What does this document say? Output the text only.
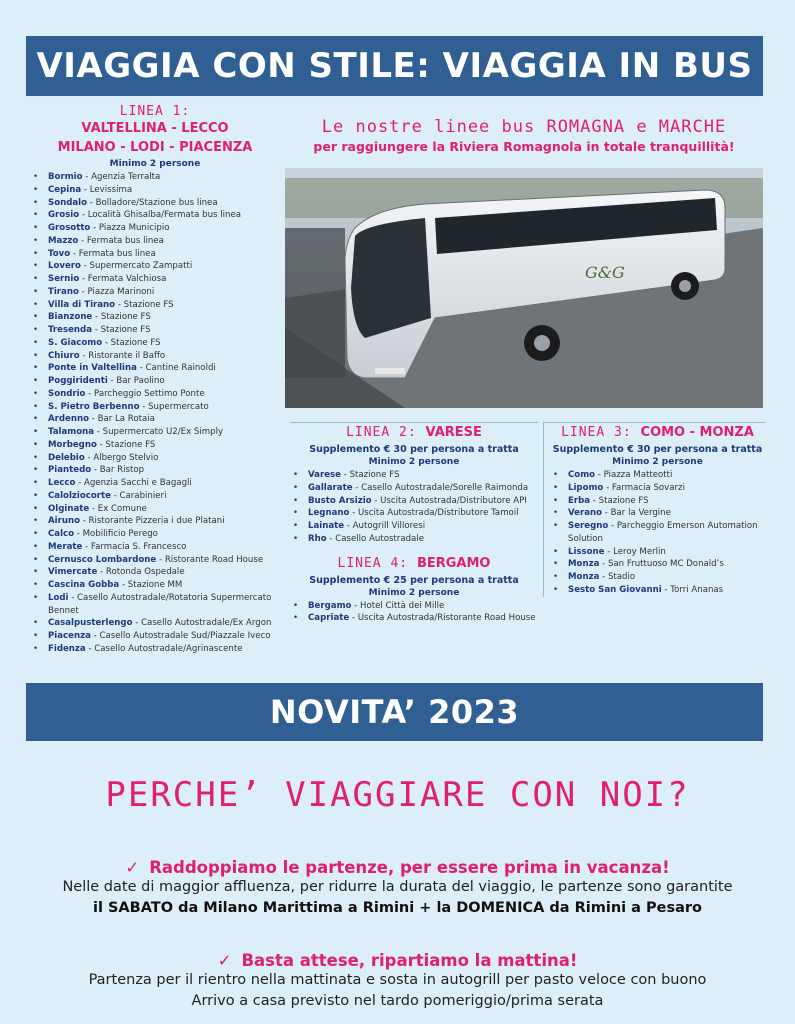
VIAGGIA CON STILE: VIAGGIA IN BUS
LINEA 1:
VALTELLINA - LECCO
MILANO - LODI - PIACENZA
Minimo 2 persone
• Bormio - Agenzia Terralta
• Cepina - Levissima
• Sondalo - Bolladore/Stazione bus linea
• Grosio - Località Ghisalba/Fermata bus linea
• Grosotto - Piazza Municipio
• Mazzo - Fermata bus linea
• Tovo - Fermata bus linea
• Lovero - Supermercato Zampatti
• Sernio - Fermata Valchiosa
• Tirano - Piazza Marinoni
• Villa di Tirano - Stazione FS
• Bianzone - Stazione FS
• Tresenda - Stazione FS
• S. Giacomo - Stazione FS
• Chiuro - Ristorante il Baffo
• Ponte in Valtellina - Cantine Rainoldi
• Poggiridenti - Bar Paolino
• Sondrio - Parcheggio Settimo Ponte
• S. Pietro Berbenno - Supermercato
• Ardenno - Bar La Rotaia
• Talamona - Supermercato U2/Ex Simply
• Morbegno - Stazione FS
• Delebio - Albergo Stelvio
• Piantedo - Bar Ristop
• Lecco - Agenzia Sacchi e Bagagli
• Calolziocorte - Carabinieri
• Olginate - Ex Comune
• Airuno - Ristorante Pizzeria i due Platani
• Calco - Mobilificio Perego
• Merate - Farmacia S. Francesco
• Cernusco Lombardone - Ristorante Road House
• Vimercate - Rotonda Ospedale
• Cascina Gobba - Stazione MM
• Lodi - Casello Autostradale/Rotatoria Supermercato Bennet
• Casalpusterlengo - Casello Autostradale/Ex Argon
• Piacenza - Casello Autostradale Sud/Piazzale Iveco
• Fidenza - Casello Autostradale/Agrinascente
Le nostre linee bus ROMAGNA e MARCHE
per raggiungere la Riviera Romagnola in totale tranquillità!
G&G
LINEA 2: VARESE
Supplemento € 30 per persona a tratta
Minimo 2 persone
• Varese - Stazione FS
• Gallarate - Casello Autostradale/Sorelle Raimonda
• Busto Arsizio - Uscita Autostrada/Distributore API
• Legnano - Uscita Autostrada/Distributore Tamoil
• Lainate - Autogrill Villoresi
• Rho - Casello Autostradale
LINEA 4: BERGAMO
Supplemento € 25 per persona a tratta
Minimo 2 persone
• Bergamo - Hotel Città dei Mille
• Capriate - Uscita Autostrada/Ristorante Road House
LINEA 3: COMO - MONZA
Supplemento € 30 per persona a tratta
Minimo 2 persone
• Como - Piazza Matteotti
• Lipomo - Farmacia Sovarzi
• Erba - Stazione FS
• Verano - Bar la Vergine
• Seregno - Parcheggio Emerson Automation Solution
• Lissone - Leroy Merlin
• Monza - San Fruttuoso MC Donald’s
• Monza - Stadio
• Sesto San Giovanni - Torri Ananas
NOVITA’ 2023
PERCHE’ VIAGGIARE CON NOI?
✓ Raddoppiamo le partenze, per essere prima in vacanza!
Nelle date di maggior affluenza, per ridurre la durata del viaggio, le partenze sono garantite
il SABATO da Milano Marittima a Rimini + la DOMENICA da Rimini a Pesaro
✓ Basta attese, ripartiamo la mattina!
Partenza per il rientro nella mattinata e sosta in autogrill per pasto veloce con buono
Arrivo a casa previsto nel tardo pomeriggio/prima serata
